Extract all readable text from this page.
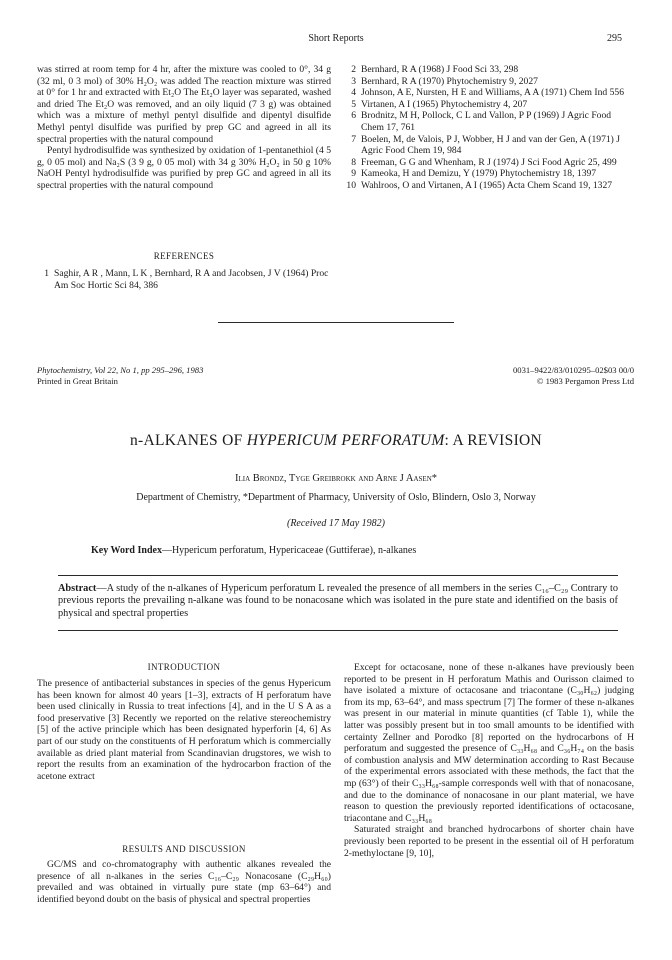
Short Reports	295

was stirred at room temp for 4 hr, after the mixture was cooled to 0°, 34 g (32 ml, 0 3 mol) of 30% H₂O₂ was added The reaction mixture was stirred at 0° for 1 hr and extracted with Et₂O The Et₂O layer was separated, washed and dried The Et₂O was removed, and an oily liquid (7 3 g) was obtained which was a mixture of methyl pentyl disulfide and dipentyl disulfide Methyl pentyl disulfide was purified by prep GC and agreed in all its spectral properties with the natural compound

Pentyl hydrodisulfide was synthesized by oxidation of 1-pentanethiol (4 5 g, 0 05 mol) and Na₂S (3 9 g, 0 05 mol) with 34 g 30% H₂O₂ in 50 g 10% NaOH Pentyl hydrodisulfide was purified by prep GC and agreed in all its spectral properties with the natural compound

REFERENCES
1 Saghir, A R , Mann, L K , Bernhard, R A and Jacobsen, J V (1964) Proc Am Soc Hortic Sci 84, 386
2 Bernhard, R A (1968) J Food Sci 33, 298
3 Bernhard, R A (1970) Phytochemistry 9, 2027
4 Johnson, A E, Nursten, H E and Williams, A A (1971) Chem Ind 556
5 Virtanen, A I (1965) Phytochemistry 4, 207
6 Brodnitz, M H, Pollock, C L and Vallon, P P (1969) J Agric Food Chem 17, 761
7 Boelen, M, de Valois, P J, Wobber, H J and van der Gen, A (1971) J Agric Food Chem 19, 984
8 Freeman, G G and Whenham, R J (1974) J Sci Food Agric 25, 499
9 Kameoka, H and Demizu, Y (1979) Phytochemistry 18, 1397
10 Wahlroos, O and Virtanen, A I (1965) Acta Chem Scand 19, 1327
Phytochemistry, Vol 22, No 1, pp 295–296, 1983
Printed in Great Britain
0031–9422/83/010295–02$03 00/0
© 1983 Pergamon Press Ltd
n-ALKANES OF HYPERICUM PERFORATUM: A REVISION
Ilia Brondz, Tyge Greibrokk and Arne J Aasen*
Department of Chemistry, *Department of Pharmacy, University of Oslo, Blindern, Oslo 3, Norway
(Received 17 May 1982)
Key Word Index—Hypericum perforatum, Hypericaceae (Guttiferae), n-alkanes
Abstract—A study of the n-alkanes of Hypericum perforatum L revealed the presence of all members in the series C₁₆–C₂₉ Contrary to previous reports the prevailing n-alkane was found to be nonacosane which was isolated in the pure state and identified on the basis of physical and spectral properties
INTRODUCTION

The presence of antibacterial substances in species of the genus Hypericum has been known for almost 40 years [1–3], extracts of H perforatum have been used clinically in Russia to treat infections [4], and in the U S A as a food preservative [3] Recently we reported on the relative stereochemistry [5] of the active principle which has been designated hyperforin [4, 6] As part of our study on the constituents of H perforatum which is commercially available as dried plant material from Scandinavian drugstores, we wish to report the results from an examination of the hydrocarbon fraction of the acetone extract

RESULTS AND DISCUSSION

GC/MS and co-chromatography with authentic alkanes revealed the presence of all n-alkanes in the series C₁₆–C₂₉ Nonacosane (C₂₉H₆₀) prevailed and was obtained in virtually pure state (mp 63–64°) and identified beyond doubt on the basis of physical and spectral properties

Except for octacosane, none of these n-alkanes have previously been reported to be present in H perforatum Mathis and Ourisson claimed to have isolated a mixture of octacosane and triacontane (C₃₀H₆₂) judging from its mp, 63–64°, and mass spectrum [7] The former of these n-alkanes was present in our material in minute quantities (cf Table 1), while the latter was possibly present but in too small amounts to be identified with certainty Zellner and Porodko [8] reported on the hydrocarbons of H perforatum and suggested the presence of C₃₃H₆₈ and C₃₆H₇₄ on the basis of combustion analysis and MW determination according to Rast Because of the experimental errors associated with these methods, the fact that the mp (63°) of their C₃₃H₆₈-sample corresponds well with that of nonacosane, and due to the dominance of nonacosane in our plant material, we have reason to question the previously reported identifications of octacosane, triacontane and C₃₃H₆₈

Saturated straight and branched hydrocarbons of shorter chain have previously been reported to be present in the essential oil of H perforatum 2-methyloctane [9, 10],
